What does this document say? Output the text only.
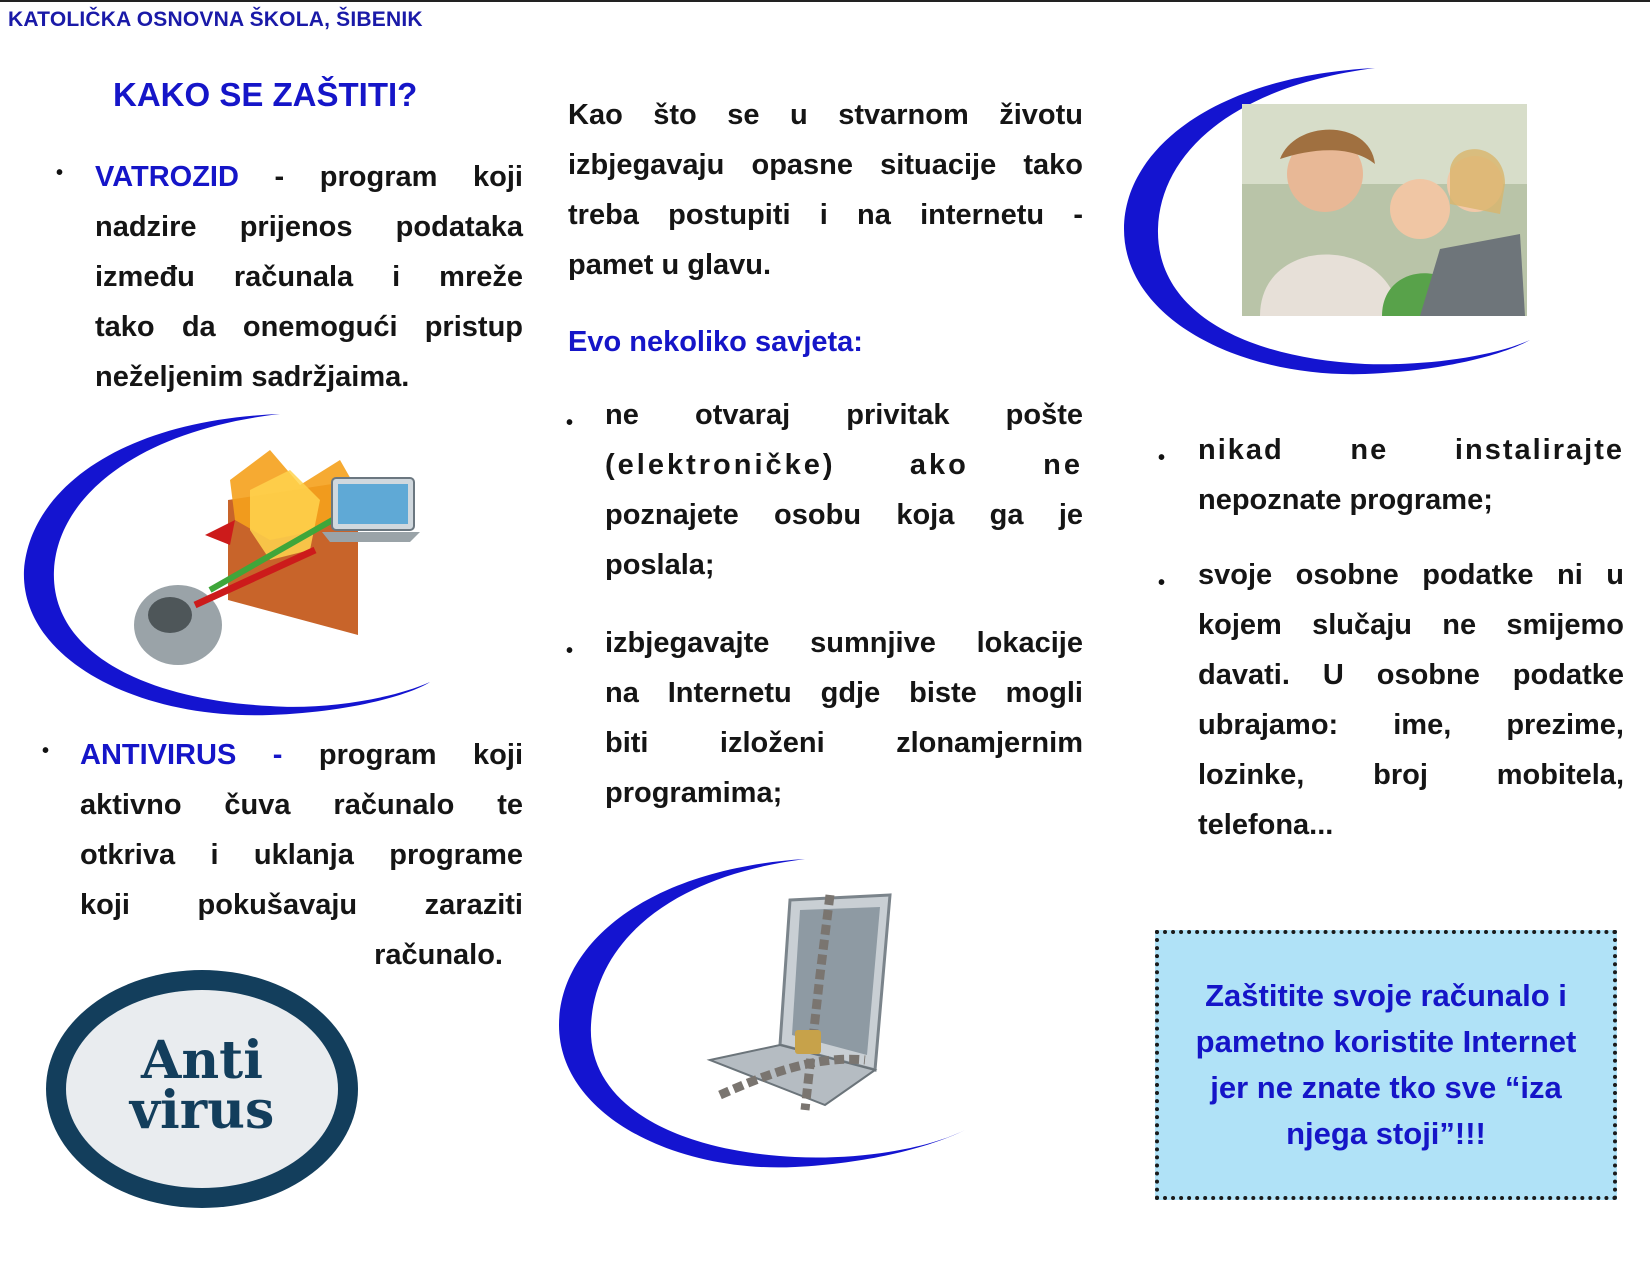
KATOLIČKA OSNOVNA ŠKOLA, ŠIBENIK
KAKO SE ZAŠTITI?
• VATROZID - program koji
nadzire prijenos podataka
između računala i mreže
tako da onemogući pristup
neželjenim sadržjaima.
• ANTIVIRUS - program koji
aktivno čuva računalo te
otkriva i uklanja programe
koji pokušavaju zaraziti
računalo.
Anti
virus
Kao što se u stvarnom životu
izbjegavaju opasne situacije tako
treba postupiti i na internetu -
pamet u glavu.
Evo nekoliko savjeta:
• ne otvaraj privitak pošte
(elektroničke) ako ne
poznajete osobu koja ga je
poslala;
• izbjegavajte sumnjive lokacije
na Internetu gdje biste mogli
biti izloženi zlonamjernim
programima;
• nikad ne instalirajte
nepoznate programe;
• svoje osobne podatke ni u
kojem slučaju ne smijemo
davati. U osobne podatke
ubrajamo: ime, prezime,
lozinke, broj mobitela,
telefona...
Zaštitite svoje računalo i pametno koristite Internet jer ne znate tko sve “iza njega stoji”!!!
